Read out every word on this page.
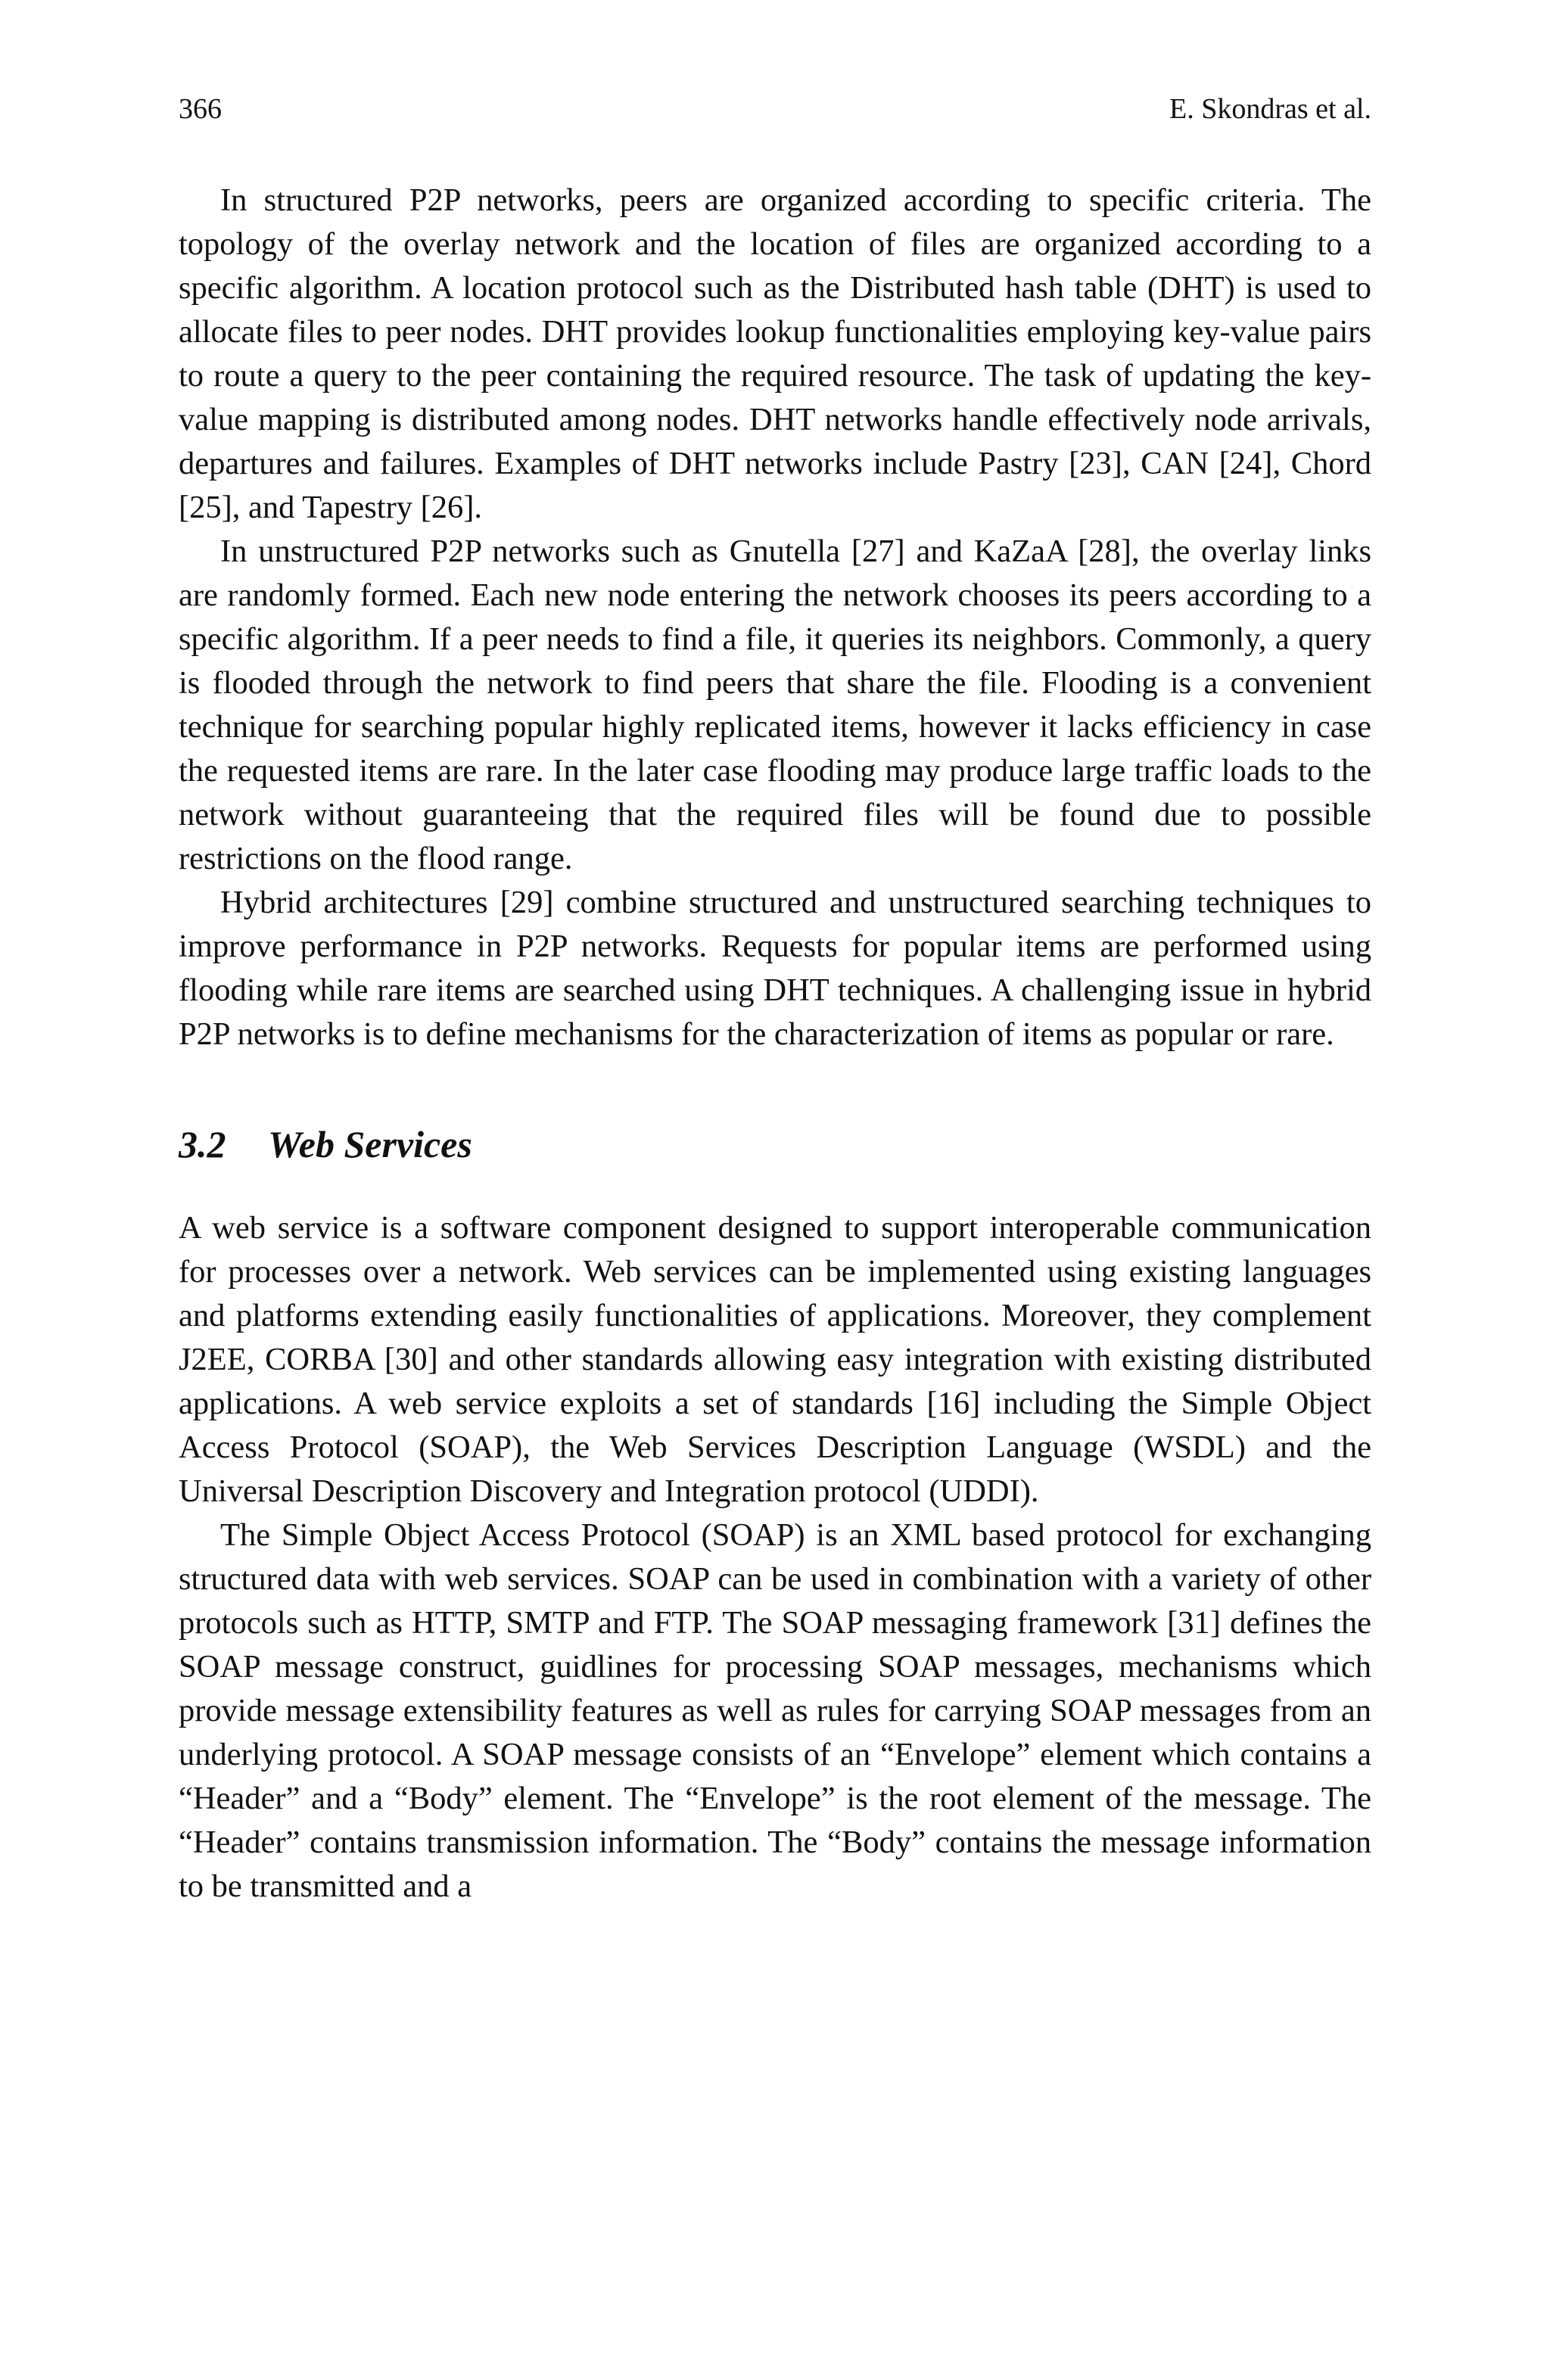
366	E. Skondras et al.

In structured P2P networks, peers are organized according to specific criteria. The topology of the overlay network and the location of files are organized according to a specific algorithm. A location protocol such as the Distributed hash table (DHT) is used to allocate files to peer nodes. DHT provides lookup functionalities employing key-value pairs to route a query to the peer containing the required resource. The task of updating the key-value mapping is distributed among nodes. DHT networks handle effectively node arrivals, departures and failures. Examples of DHT networks include Pastry [23], CAN [24], Chord [25], and Tapestry [26].

In unstructured P2P networks such as Gnutella [27] and KaZaA [28], the overlay links are randomly formed. Each new node entering the network chooses its peers according to a specific algorithm. If a peer needs to find a file, it queries its neighbors. Commonly, a query is flooded through the network to find peers that share the file. Flooding is a convenient technique for searching popular highly replicated items, however it lacks efficiency in case the requested items are rare. In the later case flooding may produce large traffic loads to the network without guaranteeing that the required files will be found due to possible restrictions on the flood range.

Hybrid architectures [29] combine structured and unstructured searching techniques to improve performance in P2P networks. Requests for popular items are performed using flooding while rare items are searched using DHT techniques. A challenging issue in hybrid P2P networks is to define mechanisms for the characterization of items as popular or rare.

3.2	Web Services

A web service is a software component designed to support interoperable communication for processes over a network. Web services can be implemented using existing languages and platforms extending easily functionalities of applications. Moreover, they complement J2EE, CORBA [30] and other standards allowing easy integration with existing distributed applications. A web service exploits a set of standards [16] including the Simple Object Access Protocol (SOAP), the Web Services Description Language (WSDL) and the Universal Description Discovery and Integration protocol (UDDI).

The Simple Object Access Protocol (SOAP) is an XML based protocol for exchanging structured data with web services. SOAP can be used in combination with a variety of other protocols such as HTTP, SMTP and FTP. The SOAP messaging framework [31] defines the SOAP message construct, guidlines for processing SOAP messages, mechanisms which provide message extensibility features as well as rules for carrying SOAP messages from an underlying protocol. A SOAP message consists of an “Envelope” element which contains a “Header” and a “Body” element. The “Envelope” is the root element of the message. The “Header” contains transmission information. The “Body” contains the message information to be transmitted and a
